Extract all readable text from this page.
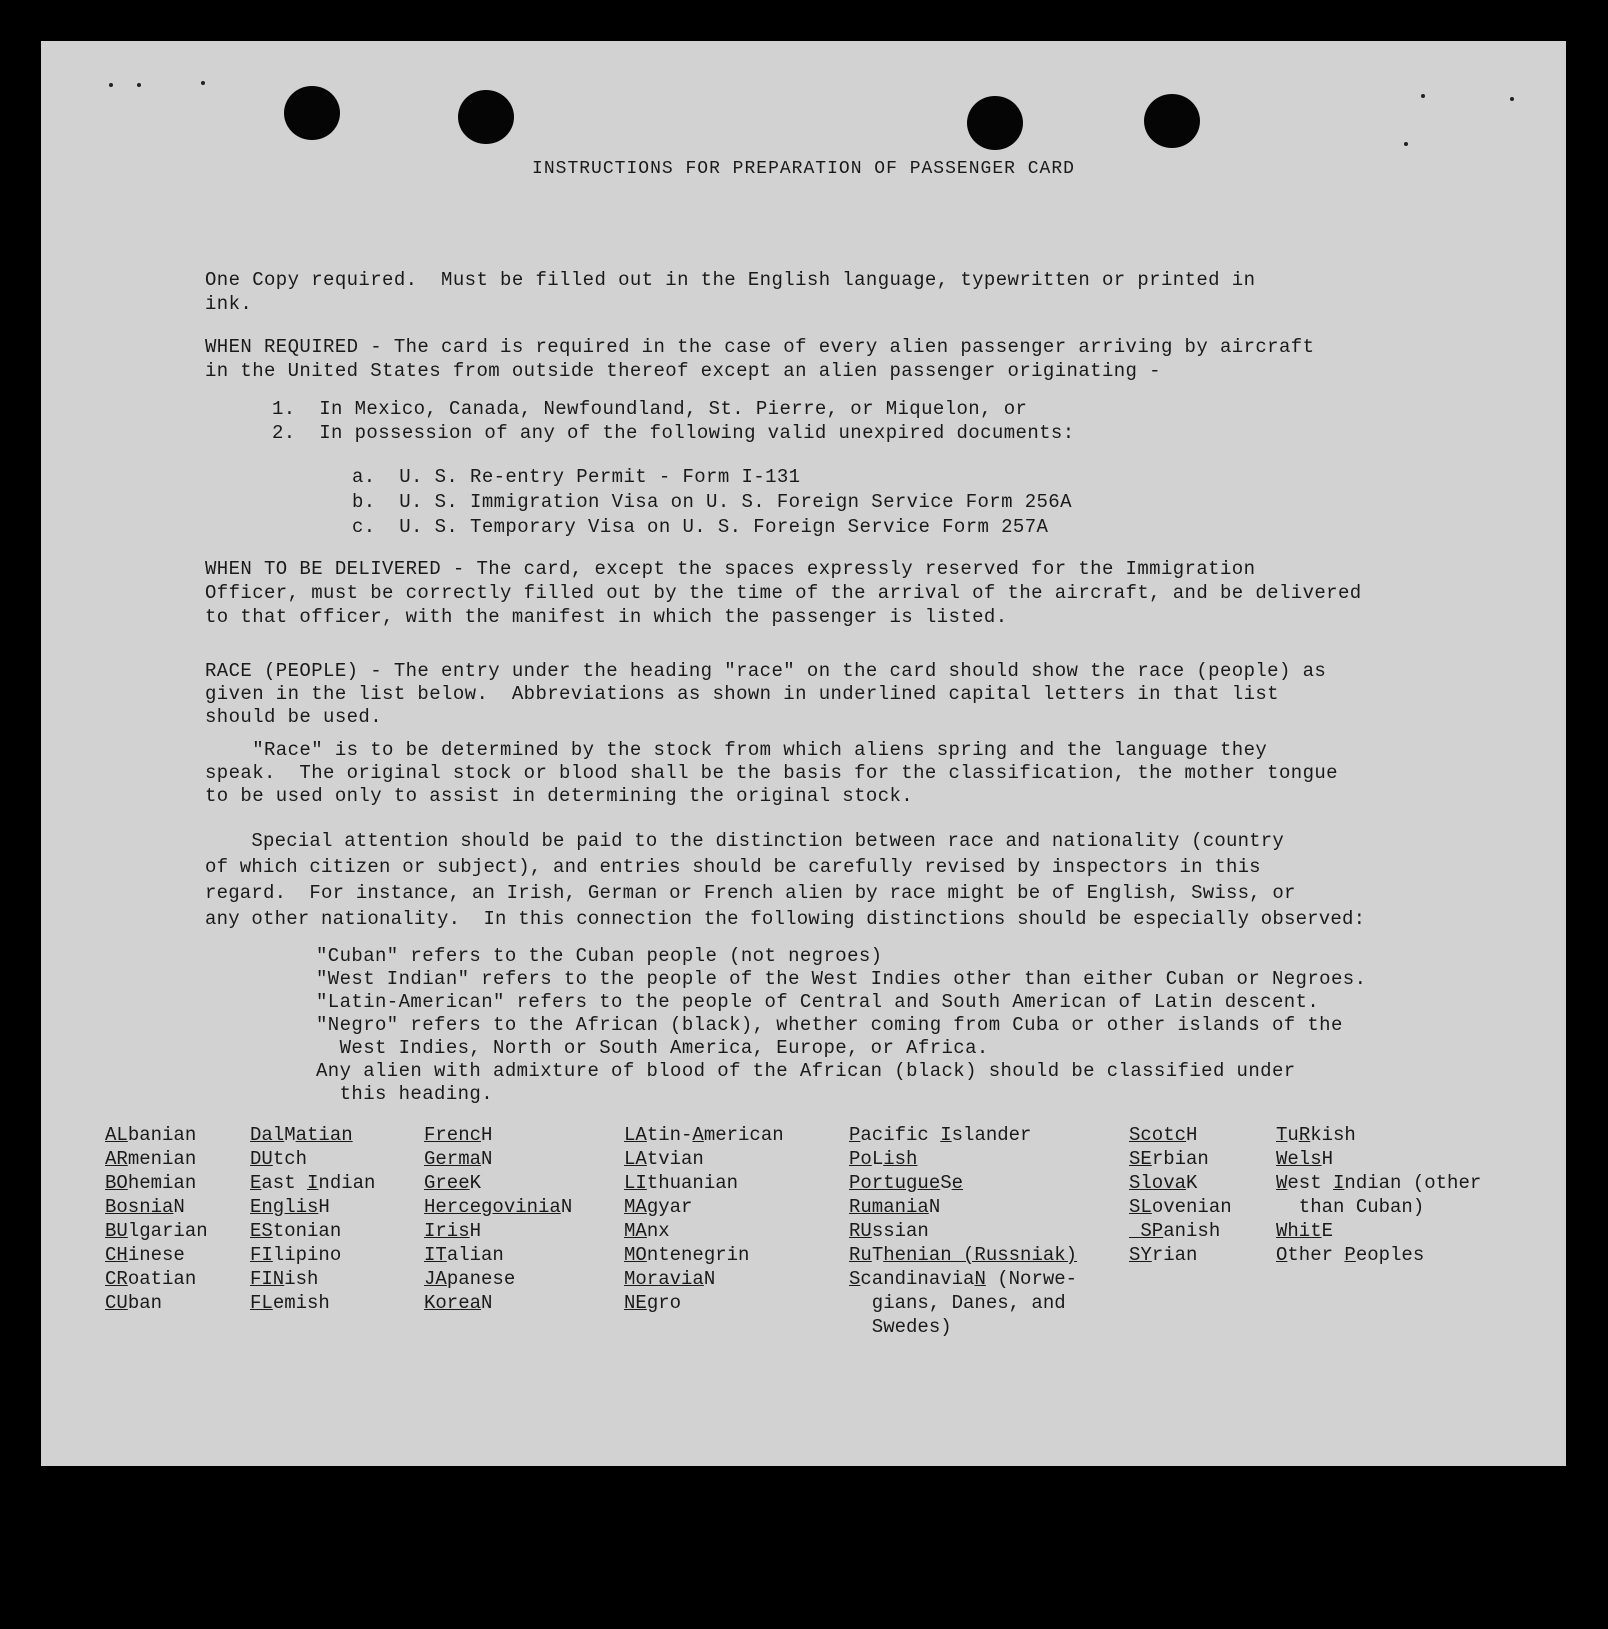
INSTRUCTIONS FOR PREPARATION OF PASSENGER CARD

One Copy required.  Must be filled out in the English language, typewritten or printed in
ink.

WHEN REQUIRED - The card is required in the case of every alien passenger arriving by aircraft
in the United States from outside thereof except an alien passenger originating -

1.  In Mexico, Canada, Newfoundland, St. Pierre, or Miquelon, or
2.  In possession of any of the following valid unexpired documents:

a.  U. S. Re-entry Permit - Form I-131
b.  U. S. Immigration Visa on U. S. Foreign Service Form 256A
c.  U. S. Temporary Visa on U. S. Foreign Service Form 257A

WHEN TO BE DELIVERED - The card, except the spaces expressly reserved for the Immigration
Officer, must be correctly filled out by the time of the arrival of the aircraft, and be delivered
to that officer, with the manifest in which the passenger is listed.

RACE (PEOPLE) - The entry under the heading "race" on the card should show the race (people) as
given in the list below.  Abbreviations as shown in underlined capital letters in that list
should be used.

"Race" is to be determined by the stock from which aliens spring and the language they
speak.  The original stock or blood shall be the basis for the classification, the mother tongue
to be used only to assist in determining the original stock.

Special attention should be paid to the distinction between race and nationality (country
of which citizen or subject), and entries should be carefully revised by inspectors in this
regard.  For instance, an Irish, German or French alien by race might be of English, Swiss, or
any other nationality.  In this connection the following distinctions should be especially observed:

"Cuban" refers to the Cuban people (not negroes)
"West Indian" refers to the people of the West Indies other than either Cuban or Negroes.
"Latin-American" refers to the people of Central and South American of Latin descent.
"Negro" refers to the African (black), whether coming from Cuba or other islands of the
West Indies, North or South America, Europe, or Africa.
Any alien with admixture of blood of the African (black) should be classified under
this heading.

ALbanian
ARmenian
BOhemian
BosniaN
BUlgarian
CHinese
CRoatian
CUban
DalMatian
DUtch
East Indian
EnglisH
EStonian
FIlipino
FINish
FLemish
FrencH
GermaN
GreeK
HercegoviniaN
IrisH
ITalian
JApanese
KoreaN
LAtin-American
LAtvian
LIthuanian
MAgyar
MAnx
MOntenegrin
MoraviaN
NEgro
Pacific Islander
PoLish
PortugueSe
RumaniaN
RUssian
RuThenian (Russniak)
ScandinaviaN (Norwe-
gians, Danes, and
Swedes)
ScotcH
SErbian
SlovaK
SLovenian
SPanish
SYrian
TuRkish
WelsH
West Indian (other
than Cuban)
WhitE
Other Peoples
